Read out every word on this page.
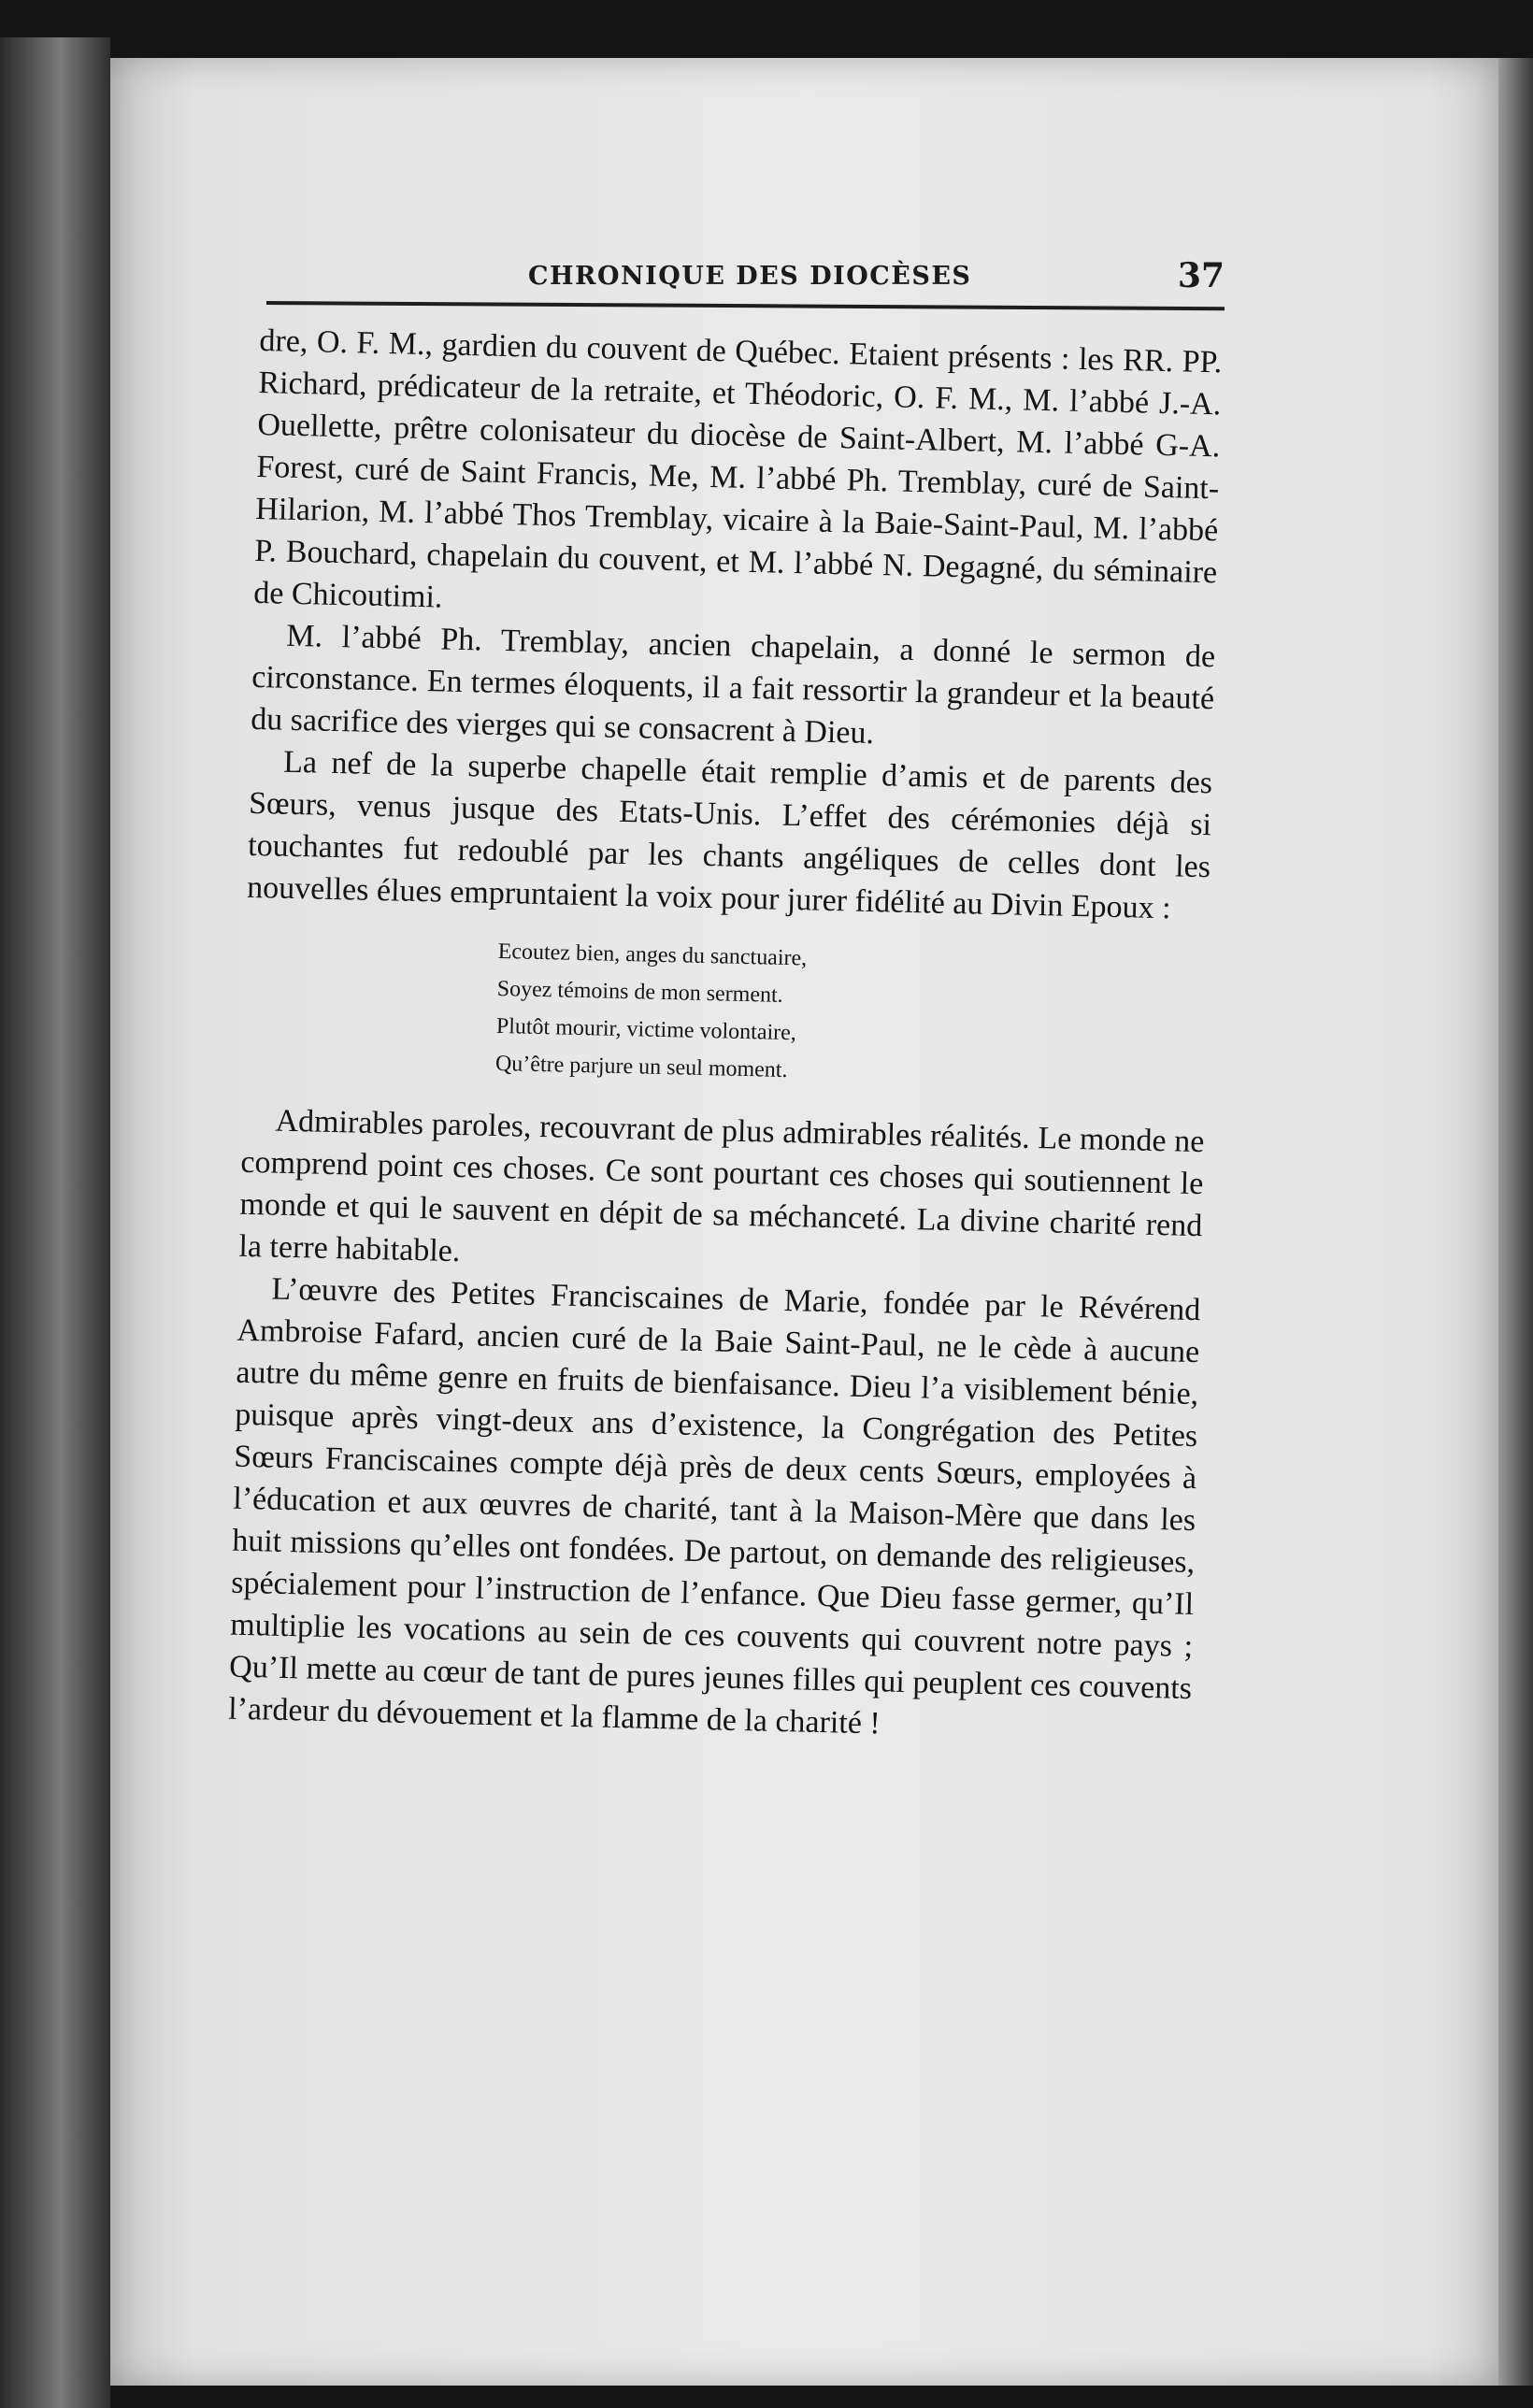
CHRONIQUE DES DIOCÈSES	37

dre, O. F. M., gardien du couvent de Québec. Etaient présents : les RR. PP. Richard, prédicateur de la retraite, et Théodoric, O. F. M., M. l’abbé J.-A. Ouellette, prêtre colonisateur du diocèse de Saint-Albert, M. l’abbé G-A. Forest, curé de Saint Francis, Me, M. l’abbé Ph. Tremblay, curé de Saint-Hilarion, M. l’abbé Thos Tremblay, vicaire à la Baie-Saint-Paul, M. l’abbé P. Bouchard, chapelain du couvent, et M. l’abbé N. Degagné, du séminaire de Chicoutimi.

M. l’abbé Ph. Tremblay, ancien chapelain, a donné le sermon de circonstance. En termes éloquents, il a fait ressortir la grandeur et la beauté du sacrifice des vierges qui se consacrent à Dieu.

La nef de la superbe chapelle était remplie d’amis et de parents des Sœurs, venus jusque des Etats-Unis. L’effet des cérémonies déjà si touchantes fut redoublé par les chants angéliques de celles dont les nouvelles élues empruntaient la voix pour jurer fidélité au Divin Epoux :

Ecoutez bien, anges du sanctuaire,
Soyez témoins de mon serment.
Plutôt mourir, victime volontaire,
Qu’être parjure un seul moment.

Admirables paroles, recouvrant de plus admirables réalités. Le monde ne comprend point ces choses. Ce sont pourtant ces choses qui soutiennent le monde et qui le sauvent en dépit de sa méchanceté. La divine charité rend la terre habitable.

L’œuvre des Petites Franciscaines de Marie, fondée par le Révérend Ambroise Fafard, ancien curé de la Baie Saint-Paul, ne le cède à aucune autre du même genre en fruits de bienfaisance. Dieu l’a visiblement bénie, puisque après vingt-deux ans d’existence, la Congrégation des Petites Sœurs Franciscaines compte déjà près de deux cents Sœurs, employées à l’éducation et aux œuvres de charité, tant à la Maison-Mère que dans les huit missions qu’elles ont fondées. De partout, on demande des religieuses, spécialement pour l’instruction de l’enfance. Que Dieu fasse germer, qu’Il multiplie les vocations au sein de ces couvents qui couvrent notre pays ; Qu’Il mette au cœur de tant de pures jeunes filles qui peuplent ces couvents l’ardeur du dévouement et la flamme de la charité !
